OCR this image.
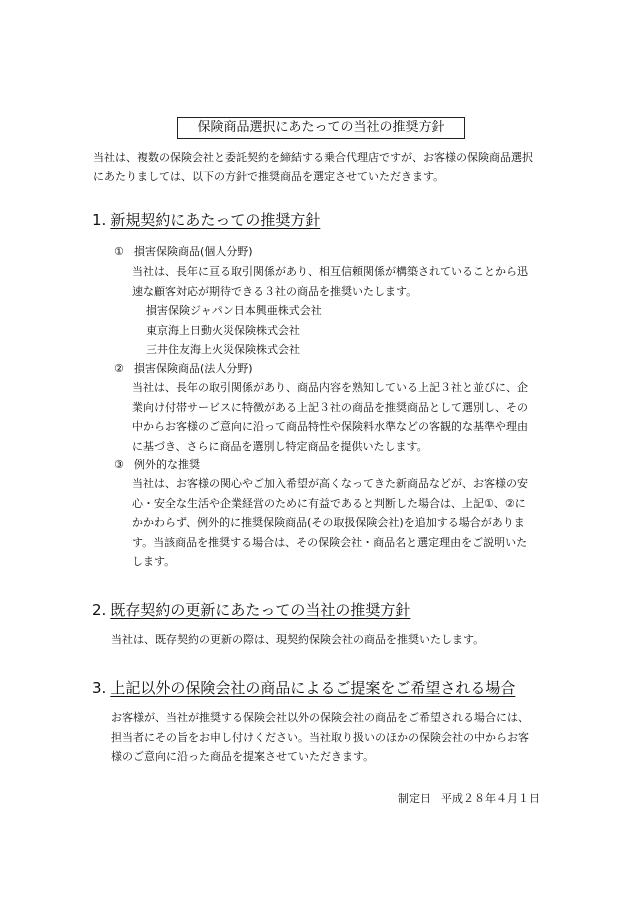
保険商品選択にあたっての当社の推奨方針
当社は、複数の保険会社と委託契約を締結する乗合代理店ですが、お客様の保険商品選択
にあたりましては、以下の方針で推奨商品を選定させていただきます。
1. 新規契約にあたっての推奨方針
① 損害保険商品(個人分野)
当社は、長年に亘る取引関係があり、相互信頼関係が構築されていることから迅
速な顧客対応が期待できる３社の商品を推奨いたします。
損害保険ジャパン日本興亜株式会社
東京海上日動火災保険株式会社
三井住友海上火災保険株式会社
② 損害保険商品(法人分野)
当社は、長年の取引関係があり、商品内容を熟知している上記３社と並びに、企
業向け付帯サービスに特徴がある上記３社の商品を推奨商品として選別し、その
中からお客様のご意向に沿って商品特性や保険料水準などの客観的な基準や理由
に基づき、さらに商品を選別し特定商品を提供いたします。
③ 例外的な推奨
当社は、お客様の関心やご加入希望が高くなってきた新商品などが、お客様の安
心・安全な生活や企業経営のために有益であると判断した場合は、上記①、②に
かかわらず、例外的に推奨保険商品(その取扱保険会社)を追加する場合がありま
す。当該商品を推奨する場合は、その保険会社・商品名と選定理由をご説明いた
します。
2. 既存契約の更新にあたっての当社の推奨方針
当社は、既存契約の更新の際は、現契約保険会社の商品を推奨いたします。
3. 上記以外の保険会社の商品によるご提案をご希望される場合
お客様が、当社が推奨する保険会社以外の保険会社の商品をご希望される場合には、
担当者にその旨をお申し付けください。当社取り扱いのほかの保険会社の中からお客
様のご意向に沿った商品を提案させていただきます。
制定日 平成２８年４月１日
